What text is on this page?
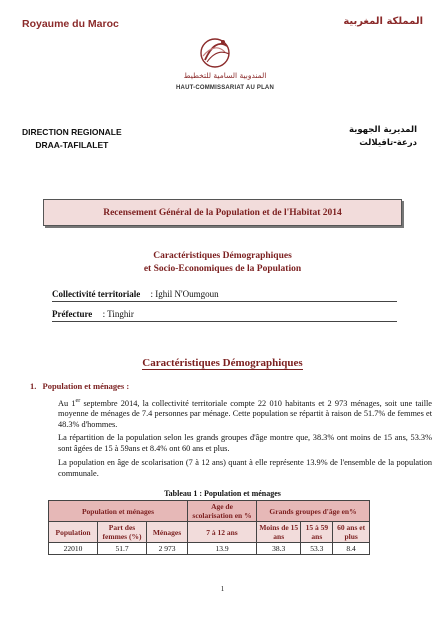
Royaume du Maroc	المملكة المغربية
المندوبية السامية للتخطيط
HAUT-COMMISSARIAT AU PLAN
DIRECTION REGIONALE
DRAA-TAFILALET
المديرية الجهوية
درعة-تافيلالت
Recensement Général de la Population et de l'Habitat 2014
Caractéristiques Démographiques
et Socio-Economiques de la Population
Collectivité territoriale : Ighil N'Oumgoun
Préfecture : Tinghir
Caractéristiques Démographiques
1. Population et ménages :
Au 1er septembre 2014, la collectivité territoriale compte 22 010 habitants et 2 973 ménages, soit une taille moyenne de ménages de 7.4 personnes par ménage. Cette population se répartit à raison de 51.7% de femmes et 48.3% d'hommes.
La répartition de la population selon les grands groupes d'âge montre que, 38.3% ont moins de 15 ans, 53.3% sont âgées de 15 à 59ans et 8.4% ont 60 ans et plus.
La population en âge de scolarisation (7 à 12 ans) quant à elle représente 13.9% de l'ensemble de la population communale.
Tableau 1 : Population et ménages
Population et ménages			Age de scolarisation en %	Grands groupes d'âge en%		
Population	Part des femmes (%)	Ménages	7 à 12 ans	Moins de 15 ans	15 à 59 ans	60 ans et plus
22010	51.7	2 973	13.9	38.3	53.3	8.4
1
